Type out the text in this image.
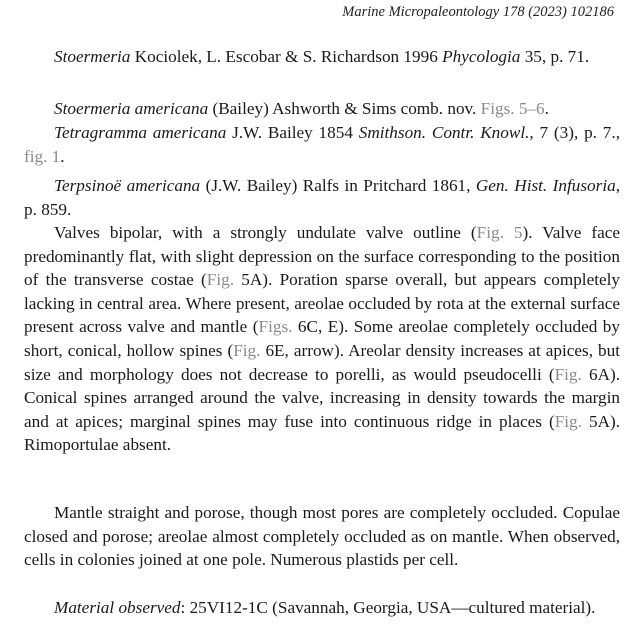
Marine Micropaleontology 178 (2023) 102186

Stoermeria Kociolek, L. Escobar & S. Richardson 1996 Phycologia 35, p. 71.

Stoermeria americana (Bailey) Ashworth & Sims comb. nov. Figs. 5–6.

Tetragramma americana J.W. Bailey 1854 Smithson. Contr. Knowl., 7 (3), p. 7., fig. 1.

Terpsinoë americana (J.W. Bailey) Ralfs in Pritchard 1861, Gen. Hist. Infusoria, p. 859.

Valves bipolar, with a strongly undulate valve outline (Fig. 5). Valve face predominantly flat, with slight depression on the surface corresponding to the position of the transverse costae (Fig. 5A). Poration sparse overall, but appears completely lacking in central area. Where present, areolae occluded by rota at the external surface present across valve and mantle (Figs. 6C, E). Some areolae completely occluded by short, conical, hollow spines (Fig. 6E, arrow). Areolar density increases at apices, but size and morphology does not decrease to porelli, as would pseudocelli (Fig. 6A). Conical spines arranged around the valve, increasing in density towards the margin and at apices; marginal spines may fuse into continuous ridge in places (Fig. 5A). Rimoportulae absent.

Mantle straight and porose, though most pores are completely occluded. Copulae closed and porose; areolae almost completely occluded as on mantle. When observed, cells in colonies joined at one pole. Numerous plastids per cell.

Material observed: 25VI12-1C (Savannah, Georgia, USA—cultured material).
